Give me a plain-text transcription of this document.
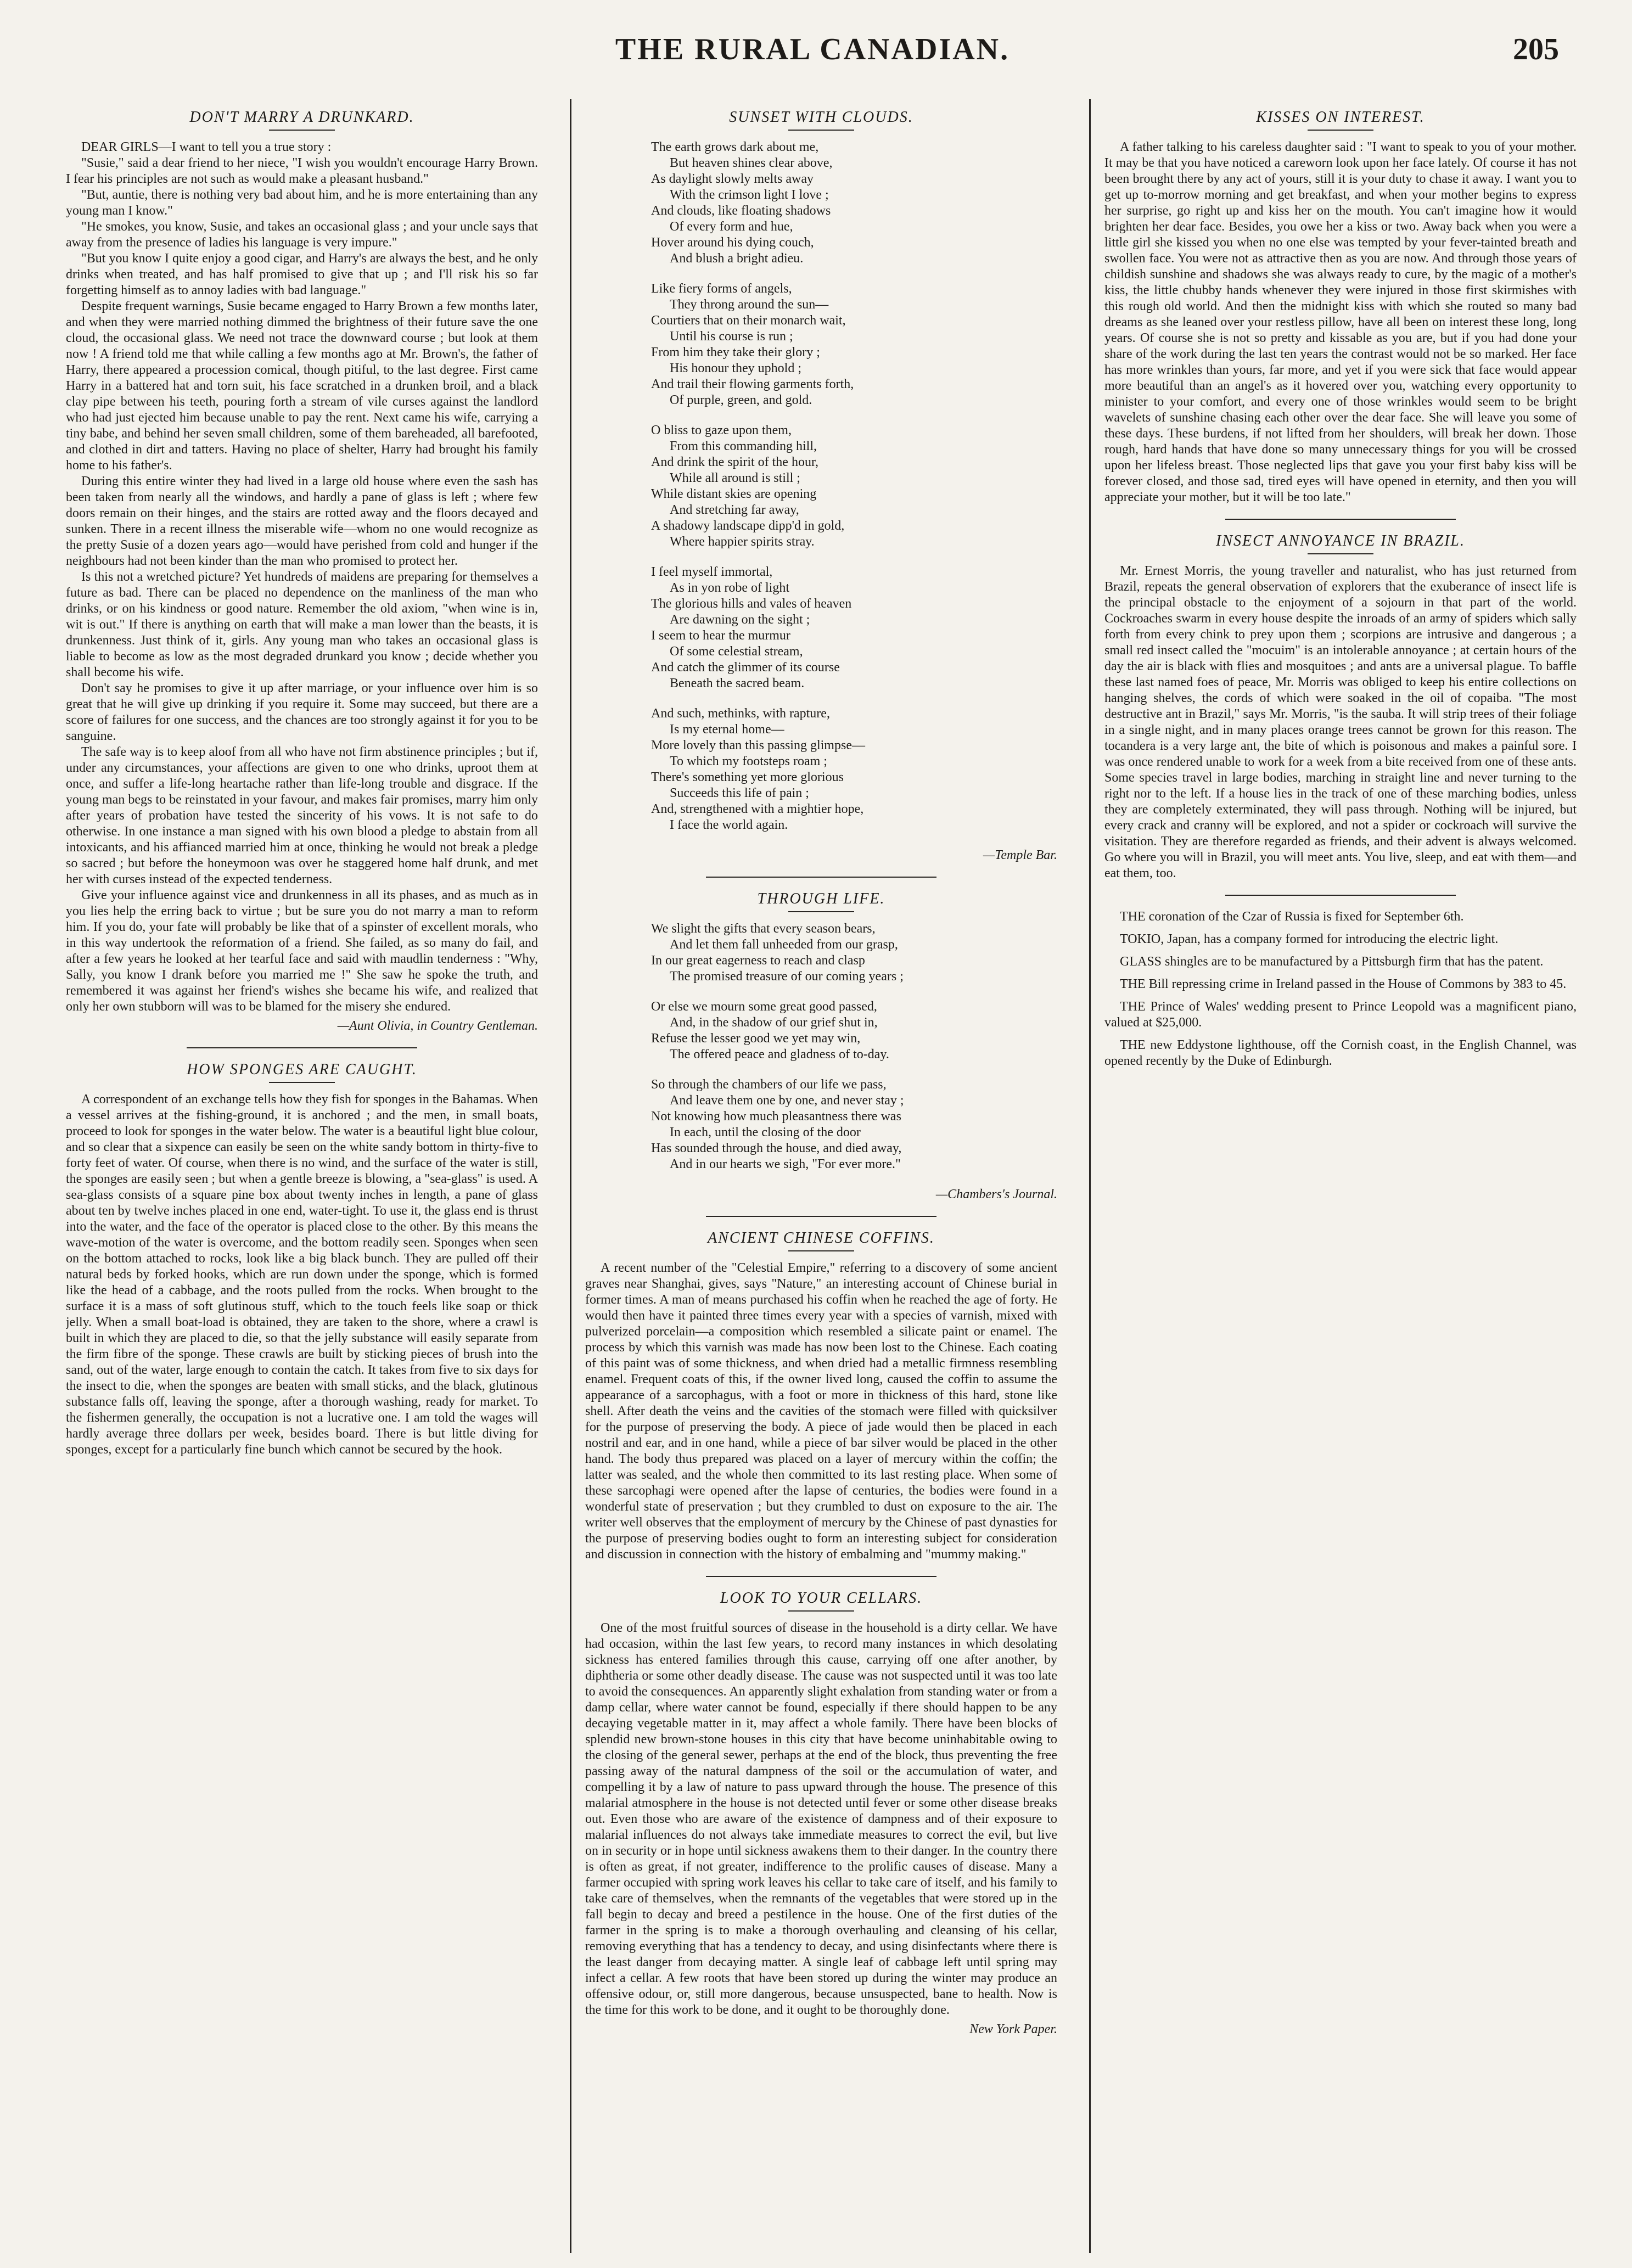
THE RURAL CANADIAN.	205
DON'T MARRY A DRUNKARD.

DEAR GIRLS—I want to tell you a true story :

"Susie," said a dear friend to her niece, "I wish you wouldn't encourage Harry Brown. I fear his principles are not such as would make a pleasant husband."

"But, auntie, there is nothing very bad about him, and he is more entertaining than any young man I know."

"He smokes, you know, Susie, and takes an occasional glass ; and your uncle says that away from the presence of ladies his language is very impure."

"But you know I quite enjoy a good cigar, and Harry's are always the best, and he only drinks when treated, and has half promised to give that up ; and I'll risk his so far forgetting himself as to annoy ladies with bad language."

Despite frequent warnings, Susie became engaged to Harry Brown a few months later, and when they were married nothing dimmed the brightness of their future save the one cloud, the occasional glass. We need not trace the downward course ; but look at them now ! A friend told me that while calling a few months ago at Mr. Brown's, the father of Harry, there appeared a procession comical, though pitiful, to the last degree. First came Harry in a battered hat and torn suit, his face scratched in a drunken broil, and a black clay pipe between his teeth, pouring forth a stream of vile curses against the landlord who had just ejected him because unable to pay the rent. Next came his wife, carrying a tiny babe, and behind her seven small children, some of them bareheaded, all barefooted, and clothed in dirt and tatters. Having no place of shelter, Harry had brought his family home to his father's.

During this entire winter they had lived in a large old house where even the sash has been taken from nearly all the windows, and hardly a pane of glass is left ; where few doors remain on their hinges, and the stairs are rotted away and the floors decayed and sunken. There in a recent illness the miserable wife—whom no one would recognize as the pretty Susie of a dozen years ago—would have perished from cold and hunger if the neighbours had not been kinder than the man who promised to protect her.

Is this not a wretched picture? Yet hundreds of maidens are preparing for themselves a future as bad. There can be placed no dependence on the manliness of the man who drinks, or on his kindness or good nature. Remember the old axiom, "when wine is in, wit is out." If there is anything on earth that will make a man lower than the beasts, it is drunkenness. Just think of it, girls. Any young man who takes an occasional glass is liable to become as low as the most degraded drunkard you know ; decide whether you shall become his wife.

Don't say he promises to give it up after marriage, or your influence over him is so great that he will give up drinking if you require it. Some may succeed, but there are a score of failures for one success, and the chances are too strongly against it for you to be sanguine.

The safe way is to keep aloof from all who have not firm abstinence principles ; but if, under any circumstances, your affections are given to one who drinks, uproot them at once, and suffer a life-long heartache rather than life-long trouble and disgrace. If the young man begs to be reinstated in your favour, and makes fair promises, marry him only after years of probation have tested the sincerity of his vows. It is not safe to do otherwise. In one instance a man signed with his own blood a pledge to abstain from all intoxicants, and his affianced married him at once, thinking he would not break a pledge so sacred ; but before the honeymoon was over he staggered home half drunk, and met her with curses instead of the expected tenderness.

Give your influence against vice and drunkenness in all its phases, and as much as in you lies help the erring back to virtue ; but be sure you do not marry a man to reform him. If you do, your fate will probably be like that of a spinster of excellent morals, who in this way undertook the reformation of a friend. She failed, as so many do fail, and after a few years he looked at her tearful face and said with maudlin tenderness : "Why, Sally, you know I drank before you married me !" She saw he spoke the truth, and remembered it was against her friend's wishes she became his wife, and realized that only her own stubborn will was to be blamed for the misery she endured.

—Aunt Olivia, in Country Gentleman.
HOW SPONGES ARE CAUGHT.

A correspondent of an exchange tells how they fish for sponges in the Bahamas. When a vessel arrives at the fishing-ground, it is anchored ; and the men, in small boats, proceed to look for sponges in the water below. The water is a beautiful light blue colour, and so clear that a sixpence can easily be seen on the white sandy bottom in thirty-five to forty feet of water. Of course, when there is no wind, and the surface of the water is still, the sponges are easily seen ; but when a gentle breeze is blowing, a "sea-glass" is used. A sea-glass consists of a square pine box about twenty inches in length, a pane of glass about ten by twelve inches placed in one end, water-tight. To use it, the glass end is thrust into the water, and the face of the operator is placed close to the other. By this means the wave-motion of the water is overcome, and the bottom readily seen. Sponges when seen on the bottom attached to rocks, look like a big black bunch. They are pulled off their natural beds by forked hooks, which are run down under the sponge, which is formed like the head of a cabbage, and the roots pulled from the rocks. When brought to the surface it is a mass of soft glutinous stuff, which to the touch feels like soap or thick jelly. When a small boat-load is obtained, they are taken to the shore, where a crawl is built in which they are placed to die, so that the jelly substance will easily separate from the firm fibre of the sponge. These crawls are built by sticking pieces of brush into the sand, out of the water, large enough to contain the catch. It takes from five to six days for the insect to die, when the sponges are beaten with small sticks, and the black, glutinous substance falls off, leaving the sponge, after a thorough washing, ready for market. To the fishermen generally, the occupation is not a lucrative one. I am told the wages will hardly average three dollars per week, besides board. There is but little diving for sponges, except for a particularly fine bunch which cannot be secured by the hook.

SUNSET WITH CLOUDS.

The earth grows dark about me,

But heaven shines clear above,

As daylight slowly melts away

With the crimson light I love ;

And clouds, like floating shadows

Of every form and hue,

Hover around his dying couch,

And blush a bright adieu.

Like fiery forms of angels,

They throng around the sun—

Courtiers that on their monarch wait,

Until his course is run ;

From him they take their glory ;

His honour they uphold ;

And trail their flowing garments forth,

Of purple, green, and gold.

O bliss to gaze upon them,

From this commanding hill,

And drink the spirit of the hour,

While all around is still ;

While distant skies are opening

And stretching far away,

A shadowy landscape dipp'd in gold,

Where happier spirits stray.

I feel myself immortal,

As in yon robe of light

The glorious hills and vales of heaven

Are dawning on the sight ;

I seem to hear the murmur

Of some celestial stream,

And catch the glimmer of its course

Beneath the sacred beam.

And such, methinks, with rapture,

Is my eternal home—

More lovely than this passing glimpse—

To which my footsteps roam ;

There's something yet more glorious

Succeeds this life of pain ;

And, strengthened with a mightier hope,

I face the world again.

—Temple Bar.
THROUGH LIFE.

We slight the gifts that every season bears,

And let them fall unheeded from our grasp,

In our great eagerness to reach and clasp

The promised treasure of our coming years ;

Or else we mourn some great good passed,

And, in the shadow of our grief shut in,

Refuse the lesser good we yet may win,

The offered peace and gladness of to-day.

So through the chambers of our life we pass,

And leave them one by one, and never stay ;

Not knowing how much pleasantness there was

In each, until the closing of the door

Has sounded through the house, and died away,

And in our hearts we sigh, "For ever more."

—Chambers's Journal.
ANCIENT CHINESE COFFINS.

A recent number of the "Celestial Empire," referring to a discovery of some ancient graves near Shanghai, gives, says "Nature," an interesting account of Chinese burial in former times. A man of means purchased his coffin when he reached the age of forty. He would then have it painted three times every year with a species of varnish, mixed with pulverized porcelain—a composition which resembled a silicate paint or enamel. The process by which this varnish was made has now been lost to the Chinese. Each coating of this paint was of some thickness, and when dried had a metallic firmness resembling enamel. Frequent coats of this, if the owner lived long, caused the coffin to assume the appearance of a sarcophagus, with a foot or more in thickness of this hard, stone like shell. After death the veins and the cavities of the stomach were filled with quicksilver for the purpose of preserving the body. A piece of jade would then be placed in each nostril and ear, and in one hand, while a piece of bar silver would be placed in the other hand. The body thus prepared was placed on a layer of mercury within the coffin; the latter was sealed, and the whole then committed to its last resting place. When some of these sarcophagi were opened after the lapse of centuries, the bodies were found in a wonderful state of preservation ; but they crumbled to dust on exposure to the air. The writer well observes that the employment of mercury by the Chinese of past dynasties for the purpose of preserving bodies ought to form an interesting subject for consideration and discussion in connection with the history of embalming and "mummy making."

LOOK TO YOUR CELLARS.

One of the most fruitful sources of disease in the household is a dirty cellar. We have had occasion, within the last few years, to record many instances in which desolating sickness has entered families through this cause, carrying off one after another, by diphtheria or some other deadly disease. The cause was not suspected until it was too late to avoid the consequences. An apparently slight exhalation from standing water or from a damp cellar, where water cannot be found, especially if there should happen to be any decaying vegetable matter in it, may affect a whole family. There have been blocks of splendid new brown-stone houses in this city that have become uninhabitable owing to the closing of the general sewer, perhaps at the end of the block, thus preventing the free passing away of the natural dampness of the soil or the accumulation of water, and compelling it by a law of nature to pass upward through the house. The presence of this malarial atmosphere in the house is not detected until fever or some other disease breaks out. Even those who are aware of the existence of dampness and of their exposure to malarial influences do not always take immediate measures to correct the evil, but live on in security or in hope until sickness awakens them to their danger. In the country there is often as great, if not greater, indifference to the prolific causes of disease. Many a farmer occupied with spring work leaves his cellar to take care of itself, and his family to take care of themselves, when the remnants of the vegetables that were stored up in the fall begin to decay and breed a pestilence in the house. One of the first duties of the farmer in the spring is to make a thorough overhauling and cleansing of his cellar, removing everything that has a tendency to decay, and using disinfectants where there is the least danger from decaying matter. A single leaf of cabbage left until spring may infect a cellar. A few roots that have been stored up during the winter may produce an offensive odour, or, still more dangerous, because unsuspected, bane to health. Now is the time for this work to be done, and it ought to be thoroughly done.

New York Paper.
KISSES ON INTEREST.

A father talking to his careless daughter said : "I want to speak to you of your mother. It may be that you have noticed a careworn look upon her face lately. Of course it has not been brought there by any act of yours, still it is your duty to chase it away. I want you to get up to-morrow morning and get breakfast, and when your mother begins to express her surprise, go right up and kiss her on the mouth. You can't imagine how it would brighten her dear face. Besides, you owe her a kiss or two. Away back when you were a little girl she kissed you when no one else was tempted by your fever-tainted breath and swollen face. You were not as attractive then as you are now. And through those years of childish sunshine and shadows she was always ready to cure, by the magic of a mother's kiss, the little chubby hands whenever they were injured in those first skirmishes with this rough old world. And then the midnight kiss with which she routed so many bad dreams as she leaned over your restless pillow, have all been on interest these long, long years. Of course she is not so pretty and kissable as you are, but if you had done your share of the work during the last ten years the contrast would not be so marked. Her face has more wrinkles than yours, far more, and yet if you were sick that face would appear more beautiful than an angel's as it hovered over you, watching every opportunity to minister to your comfort, and every one of those wrinkles would seem to be bright wavelets of sunshine chasing each other over the dear face. She will leave you some of these days. These burdens, if not lifted from her shoulders, will break her down. Those rough, hard hands that have done so many unnecessary things for you will be crossed upon her lifeless breast. Those neglected lips that gave you your first baby kiss will be forever closed, and those sad, tired eyes will have opened in eternity, and then you will appreciate your mother, but it will be too late."

INSECT ANNOYANCE IN BRAZIL.

Mr. Ernest Morris, the young traveller and naturalist, who has just returned from Brazil, repeats the general observation of explorers that the exuberance of insect life is the principal obstacle to the enjoyment of a sojourn in that part of the world. Cockroaches swarm in every house despite the inroads of an army of spiders which sally forth from every chink to prey upon them ; scorpions are intrusive and dangerous ; a small red insect called the "mocuim" is an intolerable annoyance ; at certain hours of the day the air is black with flies and mosquitoes ; and ants are a universal plague. To baffle these last named foes of peace, Mr. Morris was obliged to keep his entire collections on hanging shelves, the cords of which were soaked in the oil of copaiba. "The most destructive ant in Brazil," says Mr. Morris, "is the sauba. It will strip trees of their foliage in a single night, and in many places orange trees cannot be grown for this reason. The tocandera is a very large ant, the bite of which is poisonous and makes a painful sore. I was once rendered unable to work for a week from a bite received from one of these ants. Some species travel in large bodies, marching in straight line and never turning to the right nor to the left. If a house lies in the track of one of these marching bodies, unless they are completely exterminated, they will pass through. Nothing will be injured, but every crack and cranny will be explored, and not a spider or cockroach will survive the visitation. They are therefore regarded as friends, and their advent is always welcomed. Go where you will in Brazil, you will meet ants. You live, sleep, and eat with them—and eat them, too.

THE coronation of the Czar of Russia is fixed for September 6th.

TOKIO, Japan, has a company formed for introducing the electric light.

GLASS shingles are to be manufactured by a Pittsburgh firm that has the patent.

THE Bill repressing crime in Ireland passed in the House of Commons by 383 to 45.

THE Prince of Wales' wedding present to Prince Leopold was a magnificent piano, valued at $25,000.

THE new Eddystone lighthouse, off the Cornish coast, in the English Channel, was opened recently by the Duke of Edinburgh.
